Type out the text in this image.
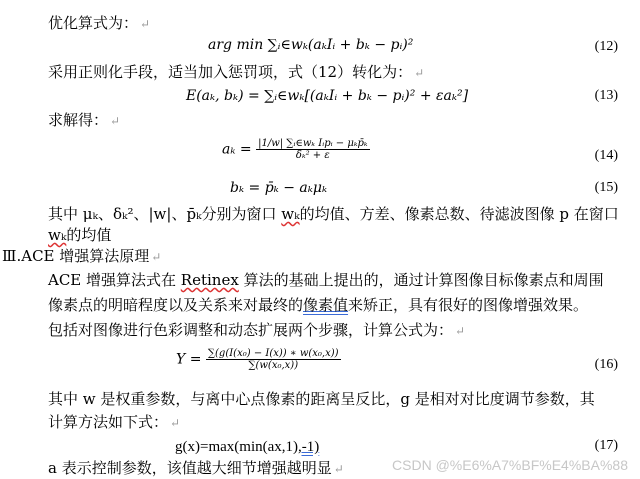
优化算式为： ↵
arg min ∑ᵢ∈wₖ(aₖIᵢ + bₖ − pᵢ)²	(12)
采用正则化手段，适当加入惩罚项，式（12）转化为： ↵
E(aₖ, bₖ) = ∑ᵢ∈wₖ[(aₖIᵢ + bₖ − pᵢ)² + εaₖ²]	(13)
求解得： ↵
$a_k = \frac{\text{|1/w| ∑ᵢ∈wₖ Iᵢpᵢ − μₖp̄ₖ}}{\text{δₖ² + ε}}$	(14)
bₖ = p̄ₖ − aₖμₖ	(15)
其中 μₖ、δₖ²、|w|、p̄ₖ分别为窗口 wₖ的均值、方差、像素总数、待滤波图像 p 在窗口
wₖ的均值
Ⅲ.ACE 增强算法原理 ↵
ACE 增强算法式在 Retinex 算法的基础上提出的，通过计算图像目标像素点和周围
像素点的明暗程度以及关系来对最终的像素值来矫正，具有很好的图像增强效果。
包括对图像进行色彩调整和动态扩展两个步骤，计算公式为： ↵
$Y = \frac{\text{∑(g(I(x₀) − I(x)) ∗ w(x₀,x))}}{\text{∑(w(x₀,x))}}$	(16)
其中 w 是权重参数，与离中心点像素的距离呈反比，g 是相对对比度调节参数，其
计算方法如下式： ↵
g(x)=max(min(ax,1),-1)	(17)
a 表示控制参数，该值越大细节增强越明显 ↵	CSDN @%E6%A7%BF%E4%BA%88
